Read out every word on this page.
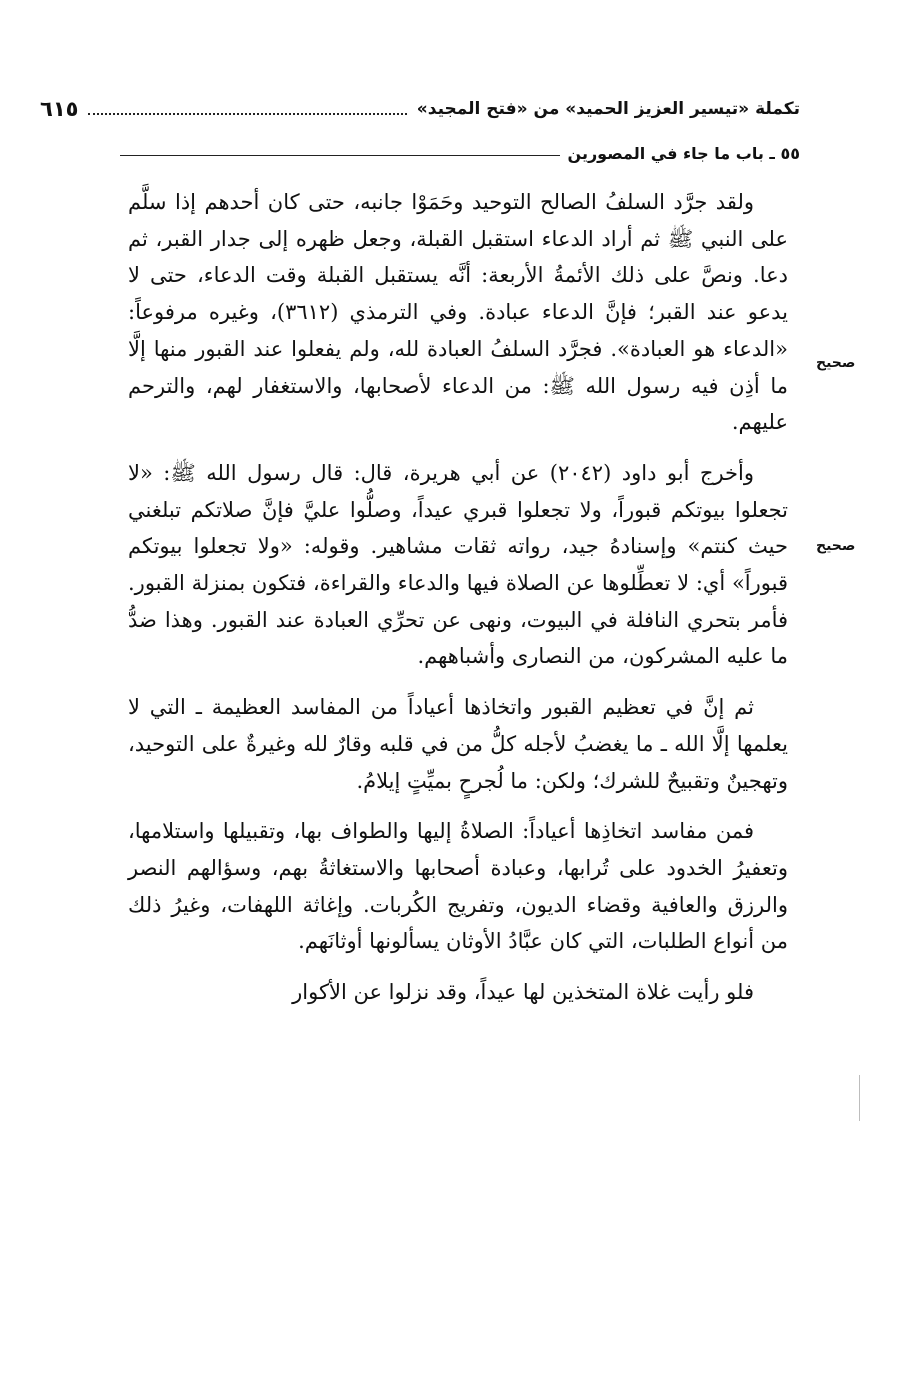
تكملة «تيسير العزيز الحميد» من «فتح المجيد»
٦١٥
٥٥ ـ باب ما جاء في المصورين
صحيح
صحيح

ولقد جرَّد السلفُ الصالح التوحيد وحَمَوْا جانبه، حتى كان أحدهم إذا سلَّم على النبي ﷺ ثم أراد الدعاء استقبل القبلة، وجعل ظهره إلى جدار القبر، ثم دعا. ونصَّ على ذلك الأئمةُ الأربعة: أنَّه يستقبل القبلة وقت الدعاء، حتى لا يدعو عند القبر؛ فإنَّ الدعاء عبادة. وفي الترمذي (٣٦١٢)، وغيره مرفوعاً: «الدعاء هو العبادة». فجرَّد السلفُ العبادة لله، ولم يفعلوا عند القبور منها إلَّا ما أذِن فيه رسول الله ﷺ: من الدعاء لأصحابها، والاستغفار لهم، والترحم عليهم.

وأخرج أبو داود (٢٠٤٢) عن أبي هريرة، قال: قال رسول الله ﷺ: «لا تجعلوا بيوتكم قبوراً، ولا تجعلوا قبري عيداً، وصلُّوا عليَّ فإنَّ صلاتكم تبلغني حيث كنتم» وإسنادهُ جيد، رواته ثقات مشاهير. وقوله: «ولا تجعلوا بيوتكم قبوراً» أي: لا تعطِّلوها عن الصلاة فيها والدعاء والقراءة، فتكون بمنزلة القبور. فأمر بتحري النافلة في البيوت، ونهى عن تحرِّي العبادة عند القبور. وهذا ضدُّ ما عليه المشركون، من النصارى وأشباههم.

ثم إنَّ في تعظيم القبور واتخاذها أعياداً من المفاسد العظيمة ـ التي لا يعلمها إلَّا الله ـ ما يغضبُ لأجله كلُّ من في قلبه وقارٌ لله وغيرةٌ على التوحيد، وتهجينٌ وتقبيحٌ للشرك؛ ولكن: ما لُجرحٍ بميِّتٍ إيلامُ.

فمن مفاسد اتخاذِها أعياداً: الصلاةُ إليها والطواف بها، وتقبيلها واستلامها، وتعفيرُ الخدود على تُرابها، وعبادة أصحابها والاستغاثةُ بهم، وسؤالهم النصر والرزق والعافية وقضاء الديون، وتفريج الكُربات. وإغاثة اللهفات، وغيرُ ذلك من أنواع الطلبات، التي كان عبَّادُ الأوثان يسألونها أوثانَهم.

فلو رأيت غلاة المتخذين لها عيداً، وقد نزلوا عن الأكوار
